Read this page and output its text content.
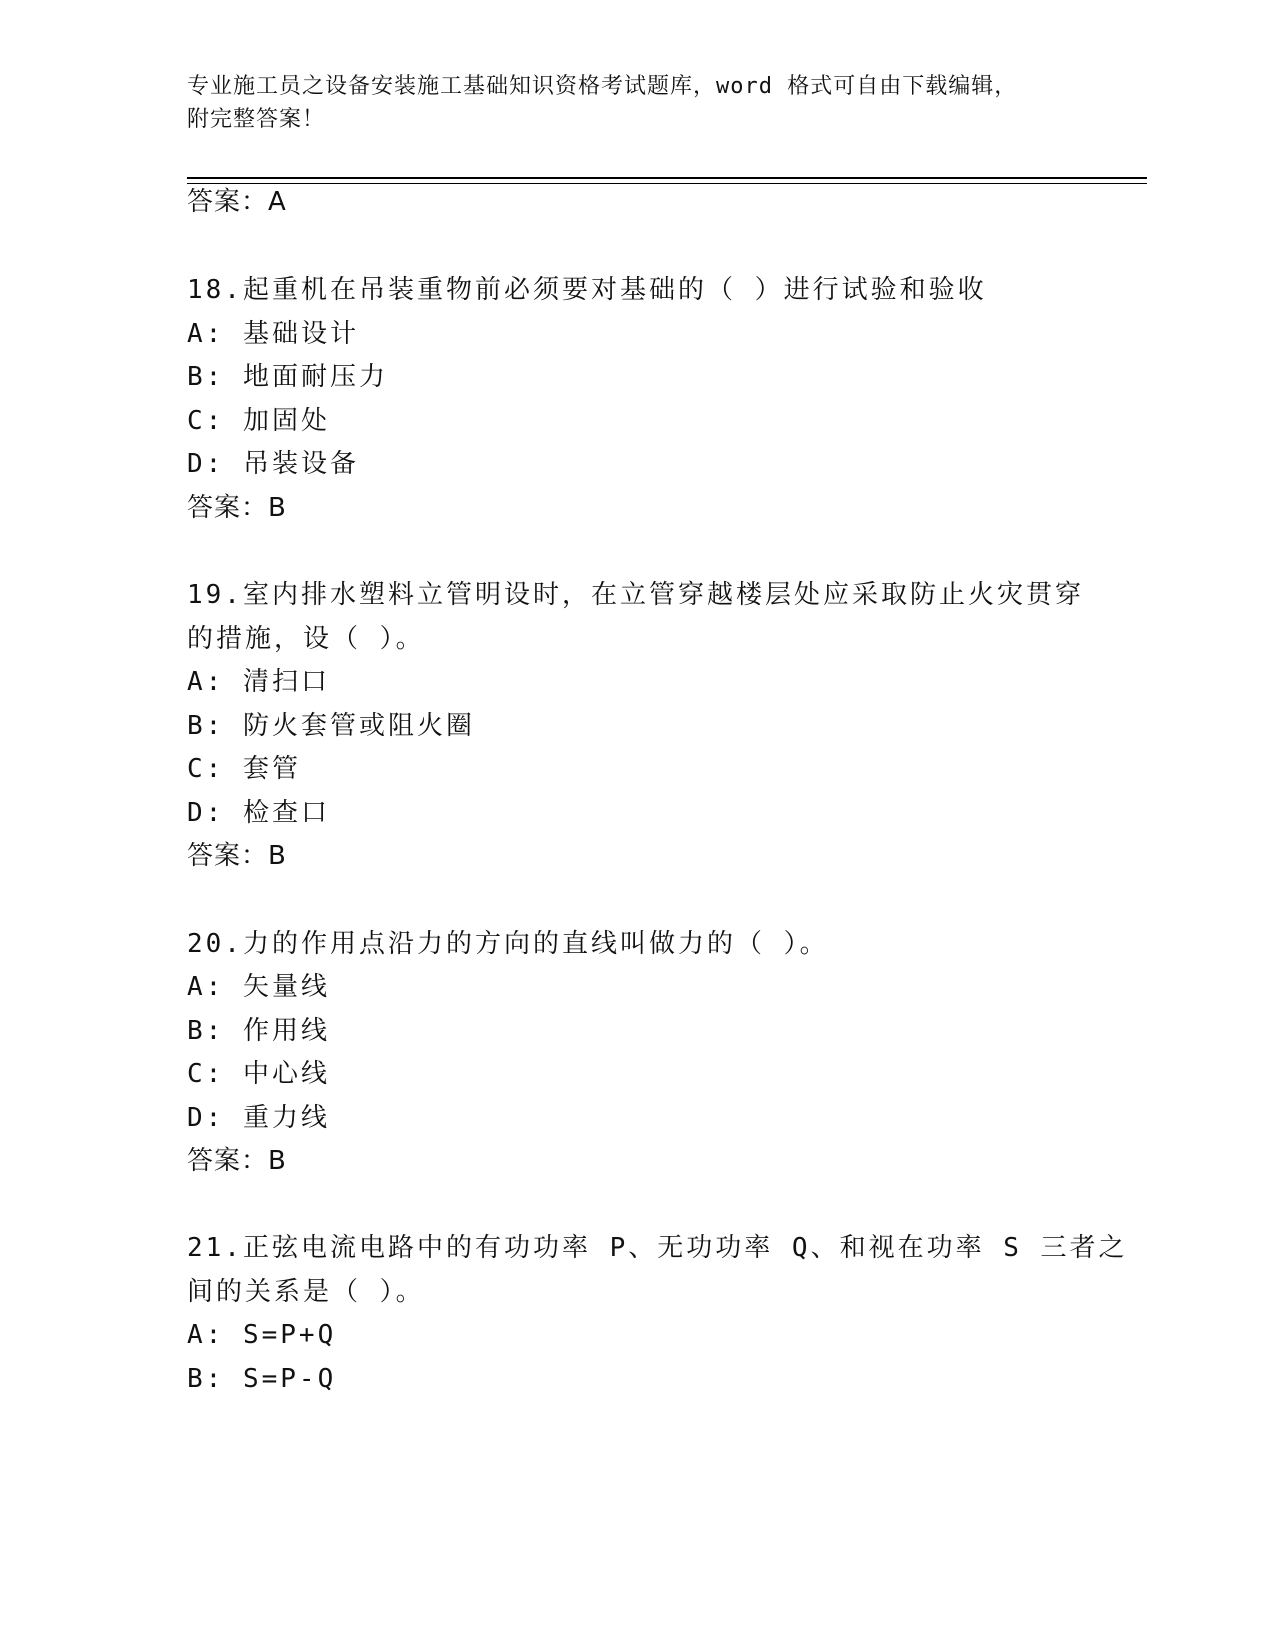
专业施工员之设备安装施工基础知识资格考试题库，word 格式可自由下载编辑，
附完整答案！
答案：A
18.起重机在吊装重物前必须要对基础的（ ）进行试验和验收
A: 基础设计
B: 地面耐压力
C: 加固处
D: 吊装设备
答案：B
19.室内排水塑料立管明设时，在立管穿越楼层处应采取防止火灾贯穿
的措施，设（ ）。
A: 清扫口
B: 防火套管或阻火圈
C: 套管
D: 检查口
答案：B
20.力的作用点沿力的方向的直线叫做力的（ ）。
A: 矢量线
B: 作用线
C: 中心线
D: 重力线
答案：B
21.正弦电流电路中的有功功率 P、无功功率 Q、和视在功率 S 三者之
间的关系是（ ）。
A: S=P+Q
B: S=P-Q
